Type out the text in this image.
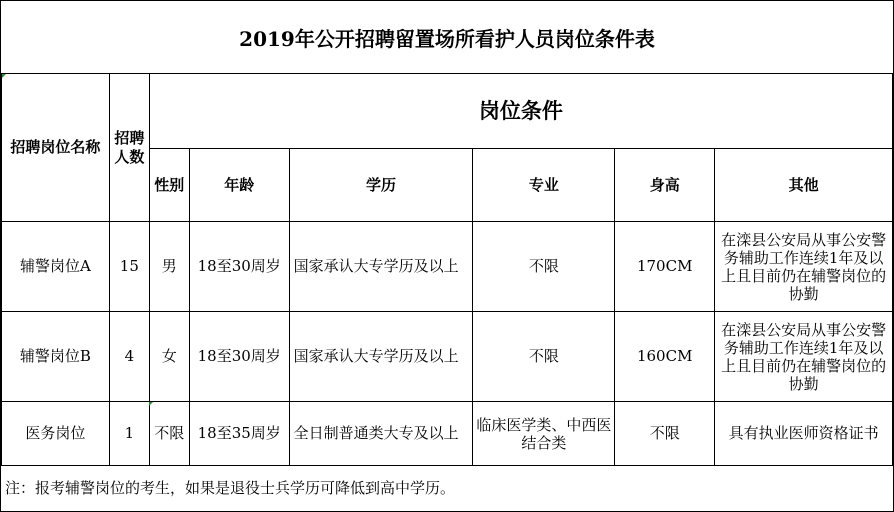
2019年公开招聘留置场所看护人员岗位条件表
招聘岗位名称	招聘人数	岗位条件					
		性别	年龄	学历	专业	身高	其他
辅警岗位A	15	男	18至30周岁	国家承认大专学历及以上	不限	170CM	在滦县公安局从事公安警务辅助工作连续1年及以上且目前仍在辅警岗位的协勤
辅警岗位B	4	女	18至30周岁	国家承认大专学历及以上	不限	160CM	在滦县公安局从事公安警务辅助工作连续1年及以上且目前仍在辅警岗位的协勤
医务岗位	1	不限	18至35周岁	全日制普通类大专及以上	临床医学类、中西医结合类	不限	具有执业医师资格证书
注：报考辅警岗位的考生，如果是退役士兵学历可降低到高中学历。
